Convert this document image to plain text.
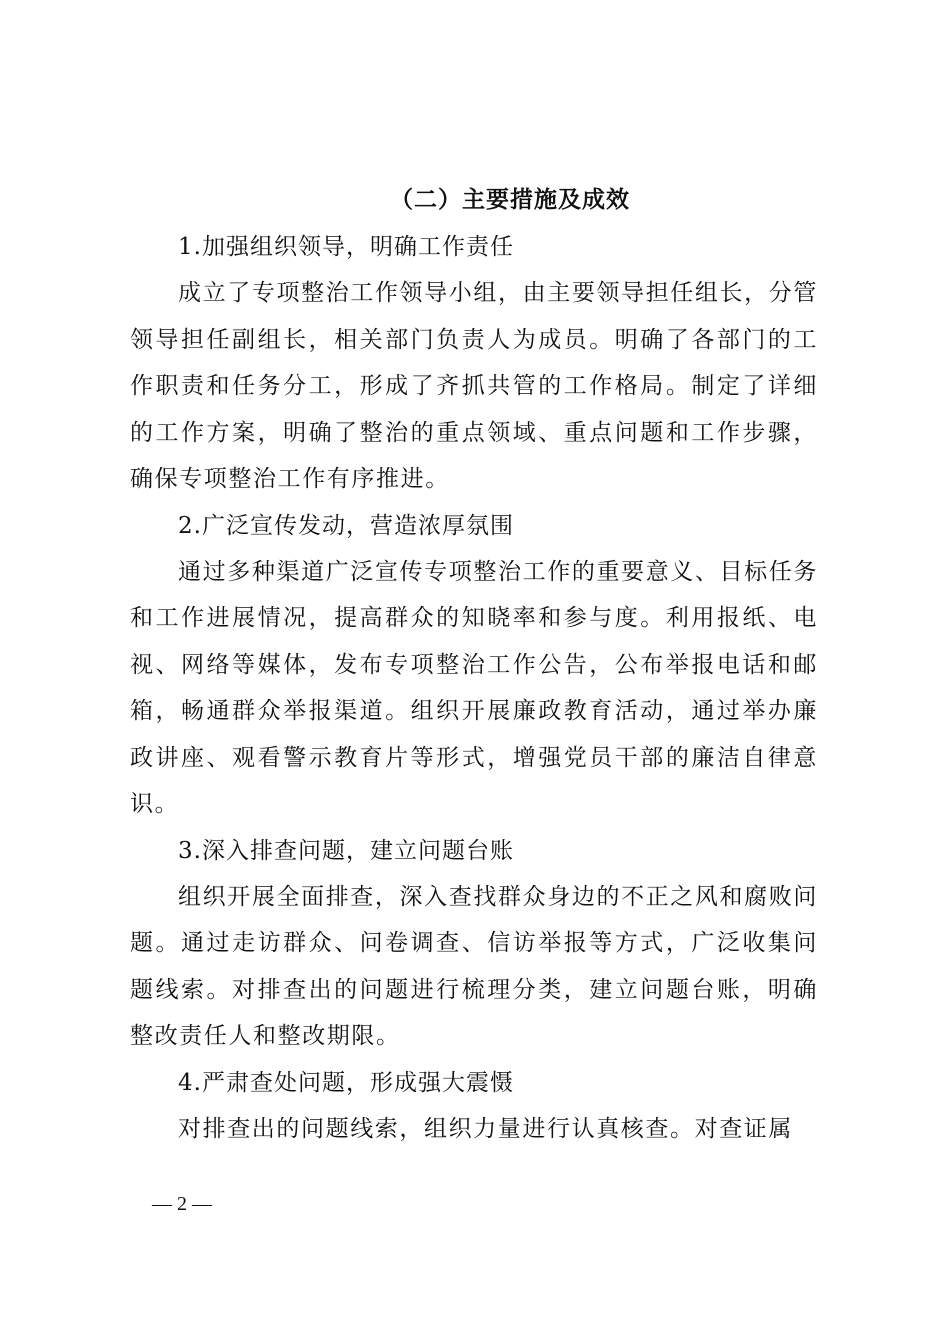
（二）主要措施及成效
1.加强组织领导，明确工作责任

成立了专项整治工作领导小组，由主要领导担任组长，分管领导担任副组长，相关部门负责人为成员。明确了各部门的工作职责和任务分工，形成了齐抓共管的工作格局。制定了详细的工作方案，明确了整治的重点领域、重点问题和工作步骤，确保专项整治工作有序推进。

2.广泛宣传发动，营造浓厚氛围

通过多种渠道广泛宣传专项整治工作的重要意义、目标任务和工作进展情况，提高群众的知晓率和参与度。利用报纸、电视、网络等媒体，发布专项整治工作公告，公布举报电话和邮箱，畅通群众举报渠道。组织开展廉政教育活动，通过举办廉政讲座、观看警示教育片等形式，增强党员干部的廉洁自律意识。

3.深入排查问题，建立问题台账

组织开展全面排查，深入查找群众身边的不正之风和腐败问题。通过走访群众、问卷调查、信访举报等方式，广泛收集问题线索。对排查出的问题进行梳理分类，建立问题台账，明确整改责任人和整改期限。

4.严肃查处问题，形成强大震慑

对排查出的问题线索，组织力量进行认真核查。对查证属

— 2 —
